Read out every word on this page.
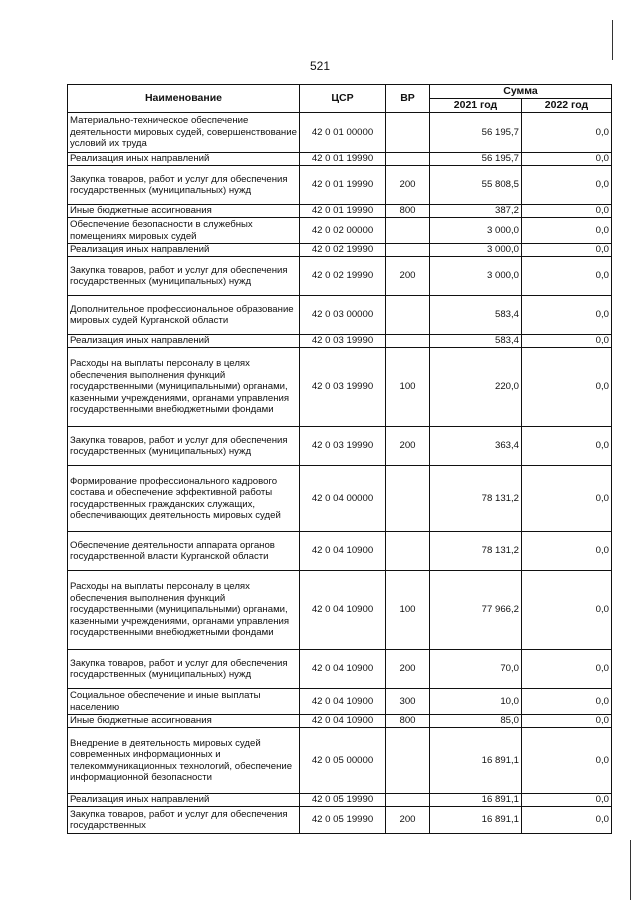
521
Наименование	ЦСР	ВР	Сумма	
			2021 год	2022 год
Материально-техническое обеспечение деятельности мировых судей, совершенствование условий их труда	42 0 01 00000		56 195,7	0,0
Реализация иных направлений	42 0 01 19990		56 195,7	0,0
Закупка товаров, работ и услуг для обеспечения государственных (муниципальных) нужд	42 0 01 19990	200	55 808,5	0,0
Иные бюджетные ассигнования	42 0 01 19990	800	387,2	0,0
Обеспечение безопасности в служебных помещениях мировых судей	42 0 02 00000		3 000,0	0,0
Реализация иных направлений	42 0 02 19990		3 000,0	0,0
Закупка товаров, работ и услуг для обеспечения государственных (муниципальных) нужд	42 0 02 19990	200	3 000,0	0,0
Дополнительное профессиональное образование мировых судей Курганской области	42 0 03 00000		583,4	0,0
Реализация иных направлений	42 0 03 19990		583,4	0,0
Расходы на выплаты персоналу в целях обеспечения выполнения функций государственными (муниципальными) органами, казенными учреждениями, органами управления государственными внебюджетными фондами	42 0 03 19990	100	220,0	0,0
Закупка товаров, работ и услуг для обеспечения государственных (муниципальных) нужд	42 0 03 19990	200	363,4	0,0
Формирование профессионального кадрового состава и обеспечение эффективной работы государственных гражданских служащих, обеспечивающих деятельность мировых судей	42 0 04 00000		78 131,2	0,0
Обеспечение деятельности аппарата органов государственной власти Курганской области	42 0 04 10900		78 131,2	0,0
Расходы на выплаты персоналу в целях обеспечения выполнения функций государственными (муниципальными) органами, казенными учреждениями, органами управления государственными внебюджетными фондами	42 0 04 10900	100	77 966,2	0,0
Закупка товаров, работ и услуг для обеспечения государственных (муниципальных) нужд	42 0 04 10900	200	70,0	0,0
Социальное обеспечение и иные выплаты населению	42 0 04 10900	300	10,0	0,0
Иные бюджетные ассигнования	42 0 04 10900	800	85,0	0,0
Внедрение в деятельность мировых судей современных информационных и телекоммуникационных технологий, обеспечение информационной безопасности	42 0 05 00000		16 891,1	0,0
Реализация иных направлений	42 0 05 19990		16 891,1	0,0
Закупка товаров, работ и услуг для обеспечения государственных	42 0 05 19990	200	16 891,1	0,0
